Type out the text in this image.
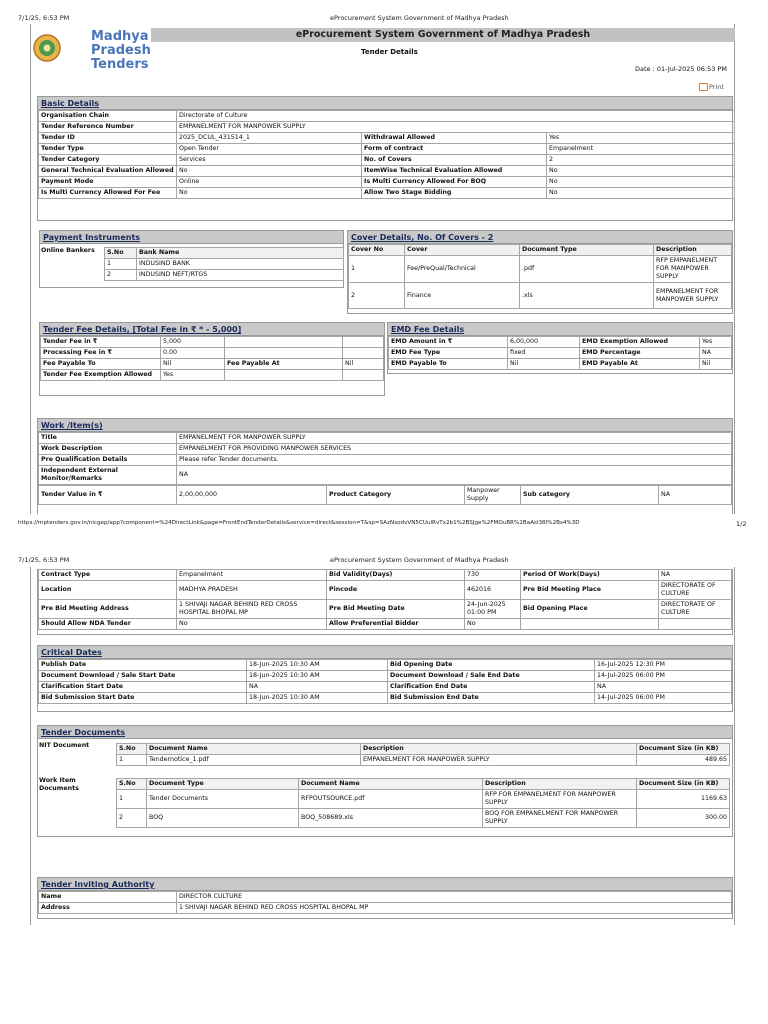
7/1/25, 6:53 PM	eProcurement System Government of Madhya Pradesh
Madhya
Pradesh
Tenders
eProcurement System Government of Madhya Pradesh
Tender Details
Date : 01-Jul-2025 06:53 PM
Print
Basic Details
Organisation Chain	Directorate of Culture		
Tender Reference Number	EMPANELMENT FOR MANPOWER SUPPLY		
Tender ID	2025_DCUL_431514_1	Withdrawal Allowed	Yes
Tender Type	Open Tender	Form of contract	Empanelment
Tender Category	Services	No. of Covers	2
General Technical Evaluation Allowed	No	ItemWise Technical Evaluation Allowed	No
Payment Mode	Online	Is Multi Currency Allowed For BOQ	No
Is Multi Currency Allowed For Fee	No	Allow Two Stage Bidding	No
Payment Instruments
Online Bankers S.No	Bank Name
1	INDUSIND BANK
2	INDUSIND NEFT/RTGS
Cover Details, No. Of Covers - 2
Cover No	Cover	Document Type	Description
1	Fee/PreQual/Technical	.pdf	RFP EMPANELMENT FOR MANPOWER SUPPLY
2	Finance	.xls	EMPANELMENT FOR MANPOWER SUPPLY
Tender Fee Details, [Total Fee in ₹ * - 5,000]
Tender Fee in ₹	5,000		
Processing Fee in ₹	0.00		
Fee Payable To	Nil	Fee Payable At	Nil
Tender Fee Exemption Allowed	Yes		
EMD Fee Details
EMD Amount in ₹	6,00,000	EMD Exemption Allowed	Yes
EMD Fee Type	fixed	EMD Percentage	NA
EMD Payable To	Nil	EMD Payable At	Nil
Work /Item(s)
Title	EMPANELMENT FOR MANPOWER SUPPLY
Work Description	EMPANELMENT FOR PROVIDING MANPOWER SERVICES
Pre Qualification Details	Please refer Tender documents.
Independent External Monitor/Remarks	NA
Tender Value in ₹	2,00,00,000	Product Category	Manpower Supply	Sub category	NA
https://mptenders.gov.in/nicgep/app?component=%24DirectLink&page=FrontEndTenderDetails&service=direct&session=T&sp=SAzNsodvVN5CUulRvTx2b1%2BSJge%2FMOuBR%2BaAsl38I%2Bs4%3D	1/2
7/1/25, 6:53 PM	eProcurement System Government of Madhya Pradesh
Contract Type	Empanelment	Bid Validity(Days)	730	Period Of Work(Days)	NA
Location	MADHYA PRADESH	Pincode	462016	Pre Bid Meeting Place	DIRECTORATE OF CULTURE
Pre Bid Meeting Address	1 SHIVAJI NAGAR BEHIND RED CROSS HOSPITAL BHOPAL MP	Pre Bid Meeting Date	24-Jun-2025 01:00 PM	Bid Opening Place	DIRECTORATE OF CULTURE
Should Allow NDA Tender	No	Allow Preferential Bidder	No		
Critical Dates
Publish Date	18-Jun-2025 10:30 AM	Bid Opening Date	16-Jul-2025 12:30 PM
Document Download / Sale Start Date	18-Jun-2025 10:30 AM	Document Download / Sale End Date	14-Jul-2025 06:00 PM
Clarification Start Date	NA	Clarification End Date	NA
Bid Submission Start Date	18-Jun-2025 10:30 AM	Bid Submission End Date	14-Jul-2025 06:00 PM
Tender Documents
NIT Document	S.No	Document Name	Description	Document Size (in KB)
1	Tendernotice_1.pdf	EMPANELMENT FOR MANPOWER SUPPLY	489.65
Work Item Documents
S.No	Document Type	Document Name	Description	Document Size (in KB)
1	Tender Documents	RFPOUTSOURCE.pdf	RFP FOR EMPANELMENT FOR MANPOWER SUPPLY	1169.63
2	BOQ	BOQ_508689.xls	BOQ FOR EMPANELMENT FOR MANPOWER SUPPLY	300.00
Tender Inviting Authority
Name	DIRECTOR CULTURE
Address	1 SHIVAJI NAGAR BEHIND RED CROSS HOSPITAL BHOPAL MP
